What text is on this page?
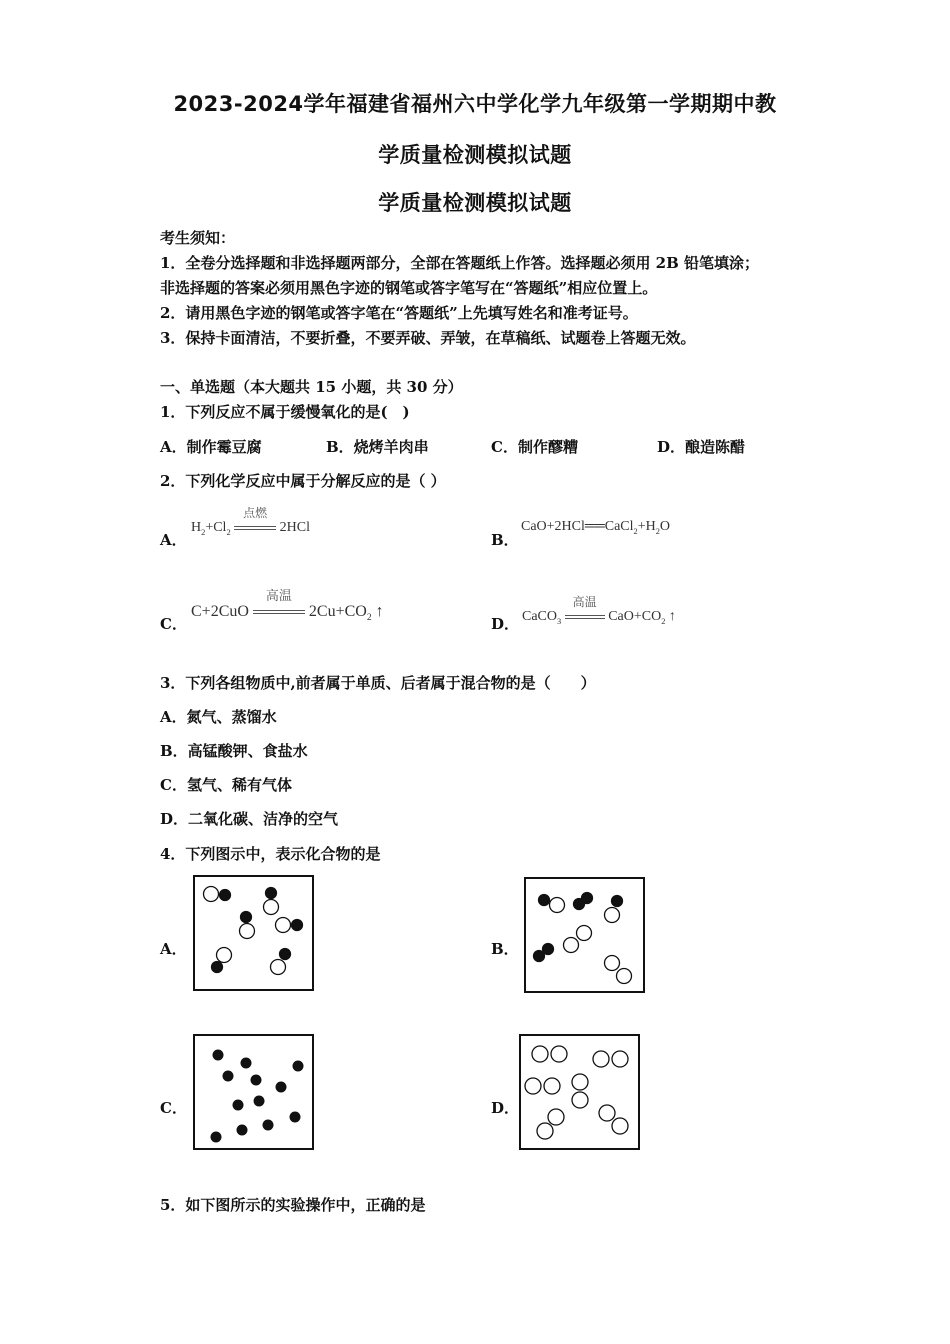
2023-2024学年福建省福州六中学化学九年级第一学期期中教
学质量检测模拟试题
学质量检测模拟试题
考生须知：
1．全卷分选择题和非选择题两部分，全部在答题纸上作答。选择题必须用 2B 铅笔填涂；
非选择题的答案必须用黑色字迹的钢笔或答字笔写在“答题纸”相应位置上。
2．请用黑色字迹的钢笔或答字笔在“答题纸”上先填写姓名和准考证号。
3．保持卡面清洁，不要折叠，不要弄破、弄皱，在草稿纸、试题卷上答题无效。
一、单选题（本大题共 15 小题，共 30 分）
1．下列反应不属于缓慢氧化的是(　)
A．制作霉豆腐	B．烧烤羊肉串	C．制作醪糟	D．酿造陈醋
2．下列化学反应中属于分解反应的是（ ）
A．
$H_2+Cl_2$
点燃
2HCl
B．
$CaO+2HCl══CaCl_2+H_2O$
C．
C+2CuO
高温
$2Cu+CO_2$ ↑
D． CaCO$_3$
高温
$CaO+CO_2$ ↑
3．下列各组物质中,前者属于单质、后者属于混合物的是（　　）
A．氮气、蒸馏水
B．高锰酸钾、食盐水
C．氢气、稀有气体
D．二氧化碳、洁净的空气
4．下列图示中，表示化合物的是
A．	B．
C．	D．
5．如下图所示的实验操作中，正确的是
